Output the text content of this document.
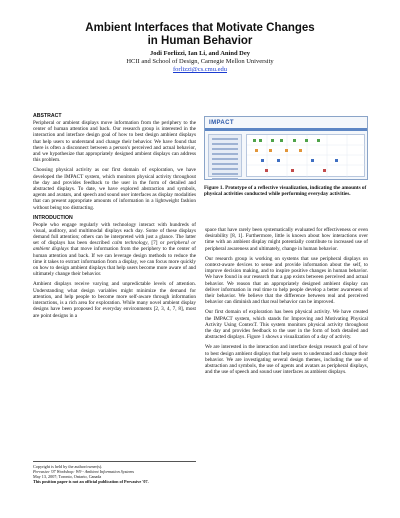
Ambient Interfaces that Motivate Changes
in Human Behavior
Jodi Forlizzi, Ian Li, and Anind Dey
HCII and School of Design, Carnegie Mellon University
forlizzi@cs.cmu.edu
ABSTRACT

Peripheral or ambient displays move information from the periphery to the center of human attention and back. Our research group is interested in the interaction and interface design goal of how to best design ambient displays that help users to understand and change their behavior. We have found that there is often a disconnect between a person's perceived and actual behavior, and we hypothesize that appropriately designed ambient displays can address this problem.

Choosing physical activity as our first domain of exploration, we have developed the IMPACT system, which monitors physical activity throughout the day and provides feedback to the user in the form of detailed and abstracted displays. To date, we have explored abstraction and symbols, agents and avatars, and speech and sound user interfaces as display modalities that can present appropriate amounts of information in a lightweight fashion without being too distracting.

INTRODUCTION

People who engage regularly with technology interact with hundreds of visual, auditory, and multimodal displays each day. Some of these displays demand full attention; others can be interpreted with just a glance. The latter set of displays has been described calm technology, [7] or peripheral or ambient displays that move information from the periphery to the center of human attention and back. If we can leverage design methods to reduce the time it takes to extract information from a display, we can focus more quickly on how to design ambient displays that help users become more aware of and ultimately change their behavior.

Ambient displays receive varying and unpredictable levels of attention. Understanding what design variables might minimize the demand for attention, and help people to become more self-aware through information interactions, is a rich area for exploration. While many novel ambient display designs have been proposed for everyday environments [2, 3, 4, 7, 8], most are point designs in a

Copyright is held by the author/owner(s).
Pervasive '07 Workshop: W9 - Ambient Information Systems
May 13, 2007; Toronto, Ontario, Canada
This position paper is not an official publication of Pervasive '07.
IMPACT
Figure 1. Prototype of a reflective visualization, indicating the amounts of physical activities conducted while performing everyday activities.

space that have rarely been systematically evaluated for effectiveness or even desirability [8, 1]. Furthermore, little is known about how interactions over time with an ambient display might potentially contribute to increased use of peripheral awareness and ultimately, change in human behavior.

Our research group is working on systems that use peripheral displays on context-aware devices to sense and provide information about the self, to improve decision making, and to inspire positive changes in human behavior. We have found in our research that a gap exists between perceived and actual behavior. We reason that an appropriately designed ambient display can deliver information in real time to help people develop a better awareness of their behavior. We believe that the difference between real and perceived behavior can diminish and that real behavior can be improved.

Our first domain of exploration has been physical activity. We have created the IMPACT system, which stands for Improving and Motivating Physical Activity Using ContexT. This system monitors physical activity throughout the day and provides feedback to the user in the form of both detailed and abstracted displays. Figure 1 shows a visualization of a day of activity.

We are interested in the interaction and interface design research goal of how to best design ambient displays that help users to understand and change their behavior. We are investigating several design themes, including the use of abstraction and symbols, the use of agents and avatars as peripheral displays, and the use of speech and sound user interfaces as ambient displays.
